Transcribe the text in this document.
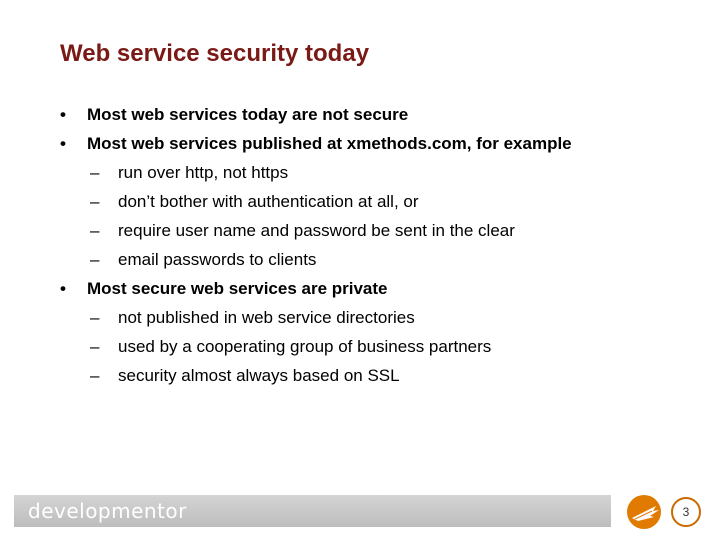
Web service security today
• Most web services today are not secure
• Most web services published at xmethods.com, for example
– run over http, not https
– don’t bother with authentication at all, or
– require user name and password be sent in the clear
– email passwords to clients
• Most secure web services are private
– not published in web service directories
– used by a cooperating group of business partners
– security almost always based on SSL
developmentor	3
